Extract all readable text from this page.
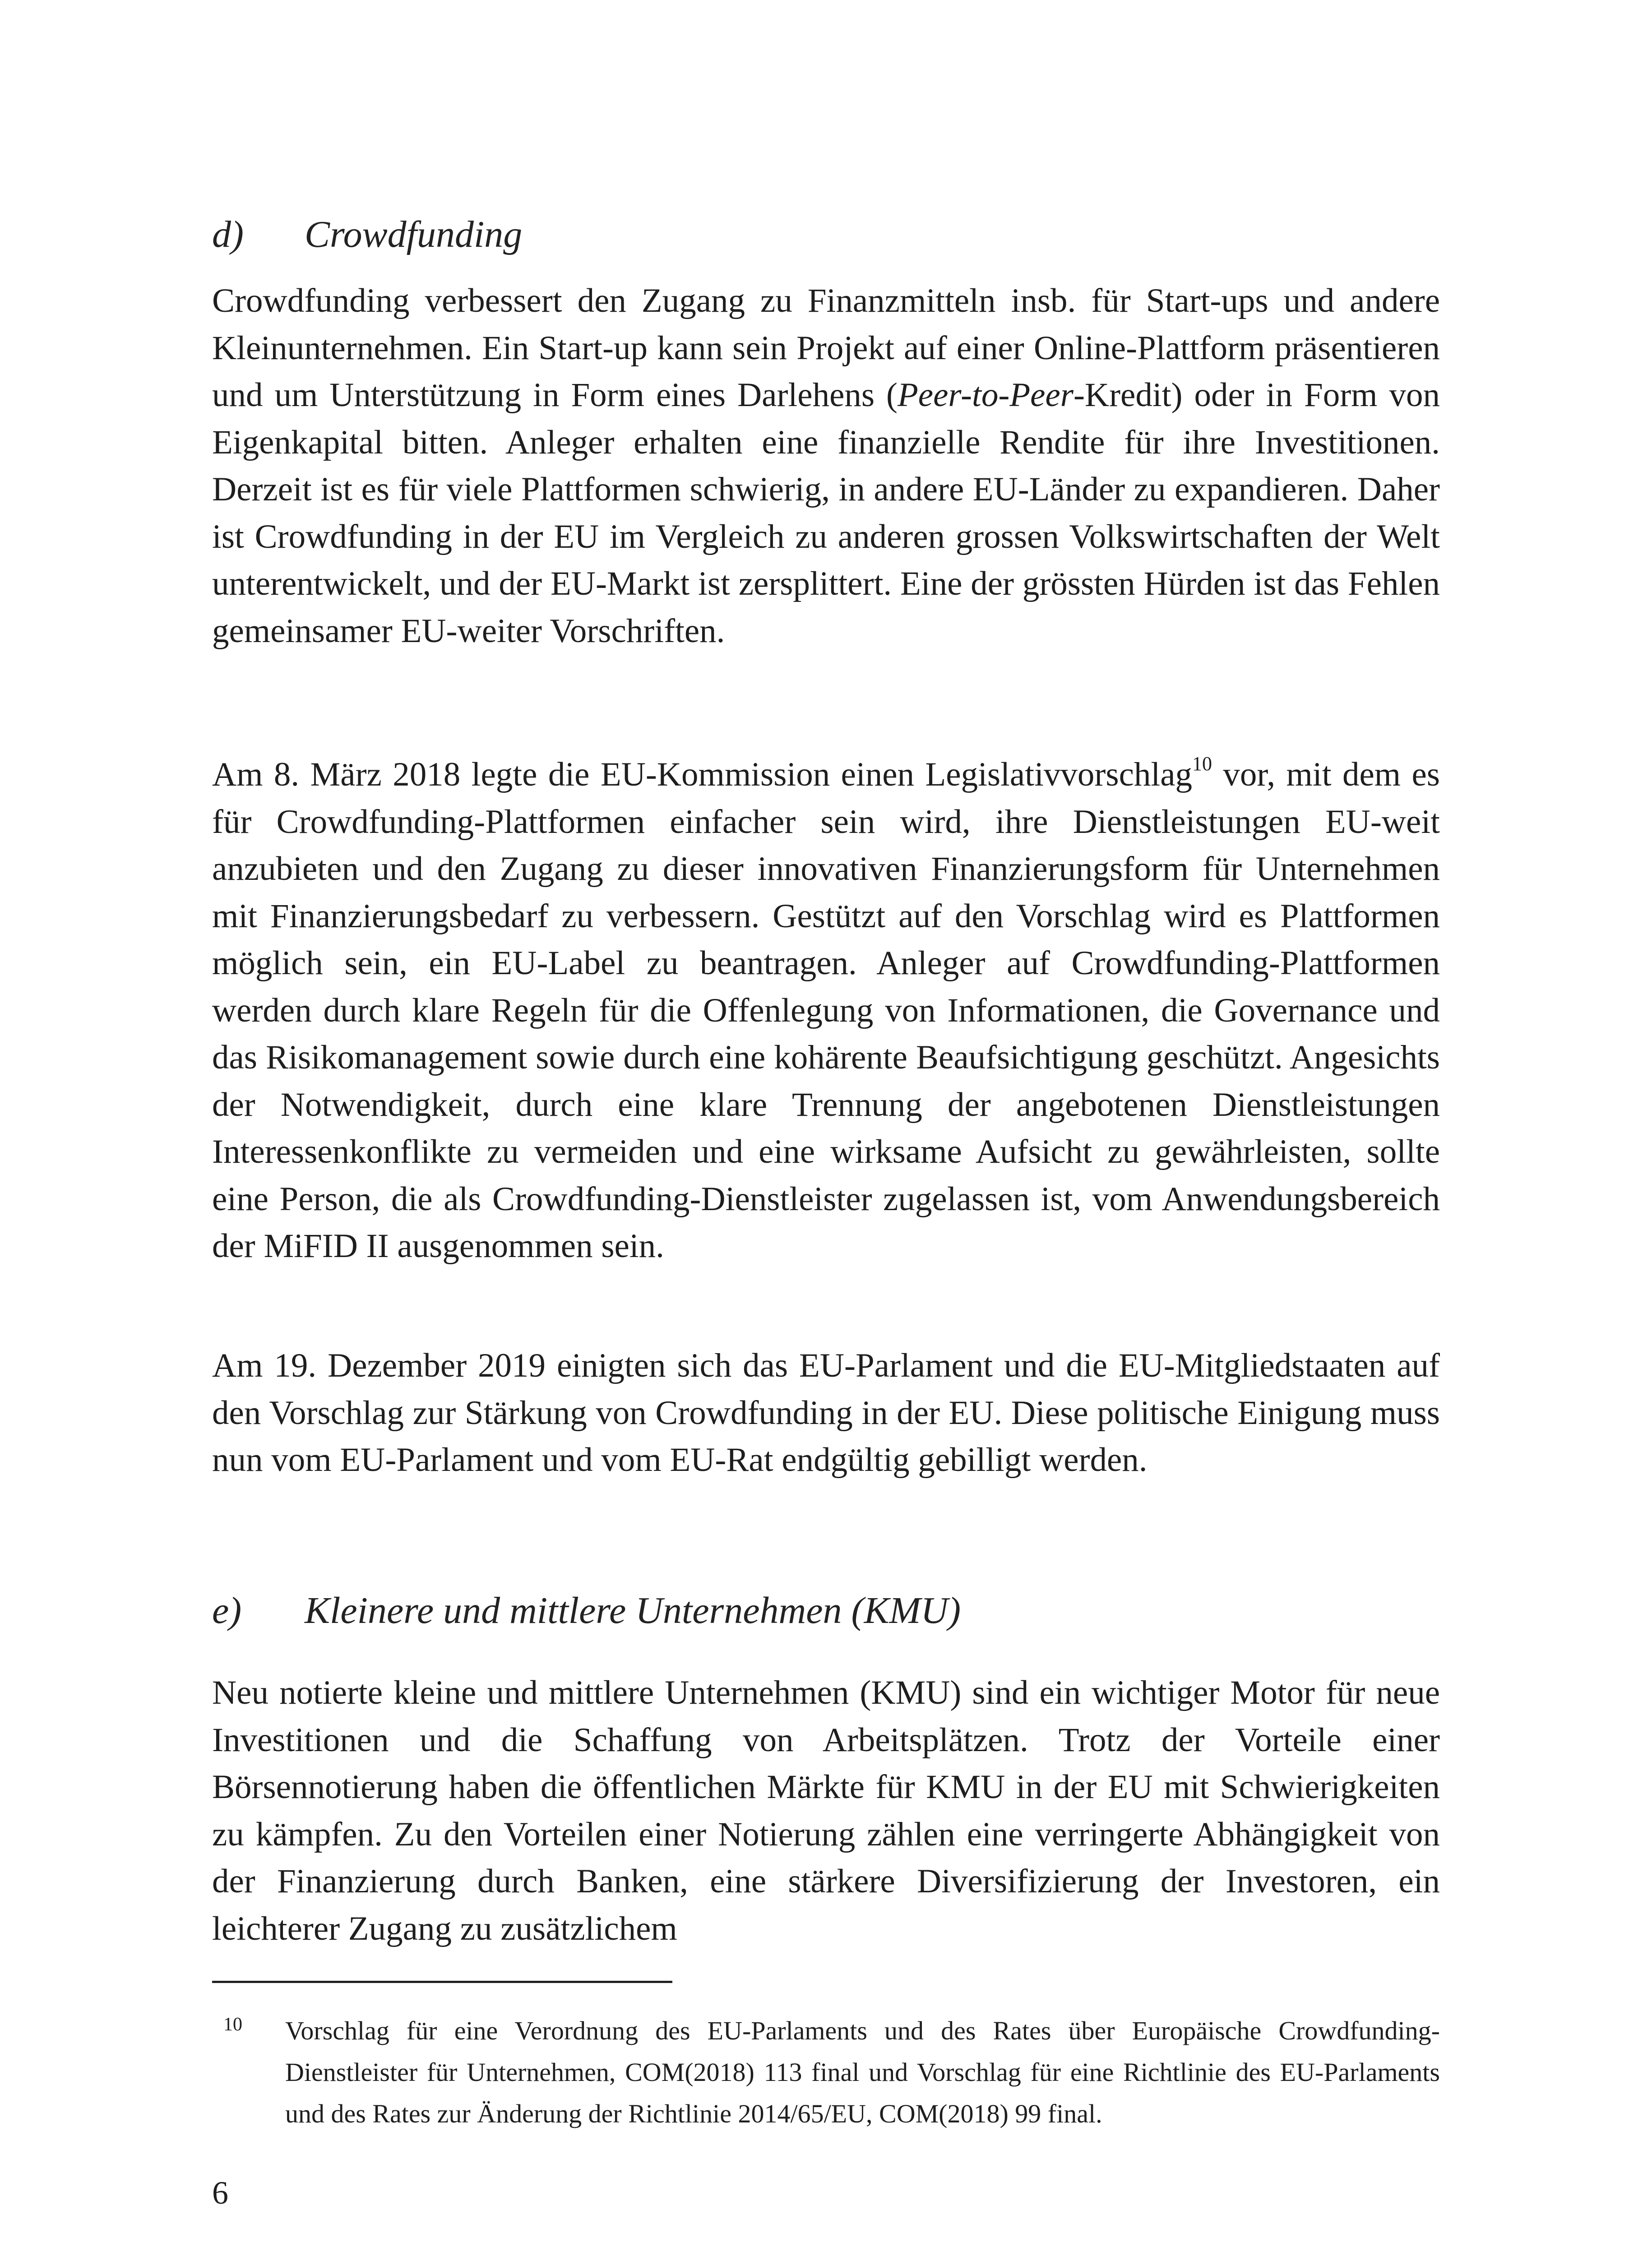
d) Crowdfunding

Crowdfunding verbessert den Zugang zu Finanzmitteln insb. für Start-ups und andere Kleinunternehmen. Ein Start-up kann sein Projekt auf einer Online-Plattform präsentieren und um Unterstützung in Form eines Darlehens (Peer-to-Peer-Kredit) oder in Form von Eigenkapital bitten. Anleger erhalten eine finanzielle Rendite für ihre Investitionen. Derzeit ist es für viele Plattformen schwierig, in andere EU-Länder zu expandieren. Daher ist Crowdfunding in der EU im Vergleich zu anderen grossen Volkswirtschaften der Welt unterentwickelt, und der EU-Markt ist zersplittert. Eine der grössten Hürden ist das Fehlen gemeinsamer EU-weiter Vorschriften.

Am 8. März 2018 legte die EU-Kommission einen Legislativvorschlag$^{10}$ vor, mit dem es für Crowdfunding-Plattformen einfacher sein wird, ihre Dienstleistungen EU-weit anzubieten und den Zugang zu dieser innovativen Finanzierungsform für Unternehmen mit Finanzierungsbedarf zu verbessern. Gestützt auf den Vorschlag wird es Plattformen möglich sein, ein EU-Label zu beantragen. Anleger auf Crowdfunding-Plattformen werden durch klare Regeln für die Offenlegung von Informationen, die Governance und das Risikomanagement sowie durch eine kohärente Beaufsichtigung geschützt. Angesichts der Notwendigkeit, durch eine klare Trennung der angebotenen Dienstleistungen Interessenkonflikte zu vermeiden und eine wirksame Aufsicht zu gewährleisten, sollte eine Person, die als Crowdfunding-Dienstleister zugelassen ist, vom Anwendungsbereich der MiFID II ausgenommen sein.

Am 19. Dezember 2019 einigten sich das EU-Parlament und die EU-Mitgliedstaaten auf den Vorschlag zur Stärkung von Crowdfunding in der EU. Diese politische Einigung muss nun vom EU-Parlament und vom EU-Rat endgültig gebilligt werden.

e) Kleinere und mittlere Unternehmen (KMU)

Neu notierte kleine und mittlere Unternehmen (KMU) sind ein wichtiger Motor für neue Investitionen und die Schaffung von Arbeitsplätzen. Trotz der Vorteile einer Börsennotierung haben die öffentlichen Märkte für KMU in der EU mit Schwierigkeiten zu kämpfen. Zu den Vorteilen einer Notierung zählen eine verringerte Abhängigkeit von der Finanzierung durch Banken, eine stärkere Diversifizierung der Investoren, ein leichterer Zugang zu zusätzlichem

10 Vorschlag für eine Verordnung des EU-Parlaments und des Rates über Europäische Crowdfunding-Dienstleister für Unternehmen, COM(2018) 113 final und Vorschlag für eine Richtlinie des EU-Parlaments und des Rates zur Änderung der Richtlinie 2014/65/EU, COM(2018) 99 final.
6
